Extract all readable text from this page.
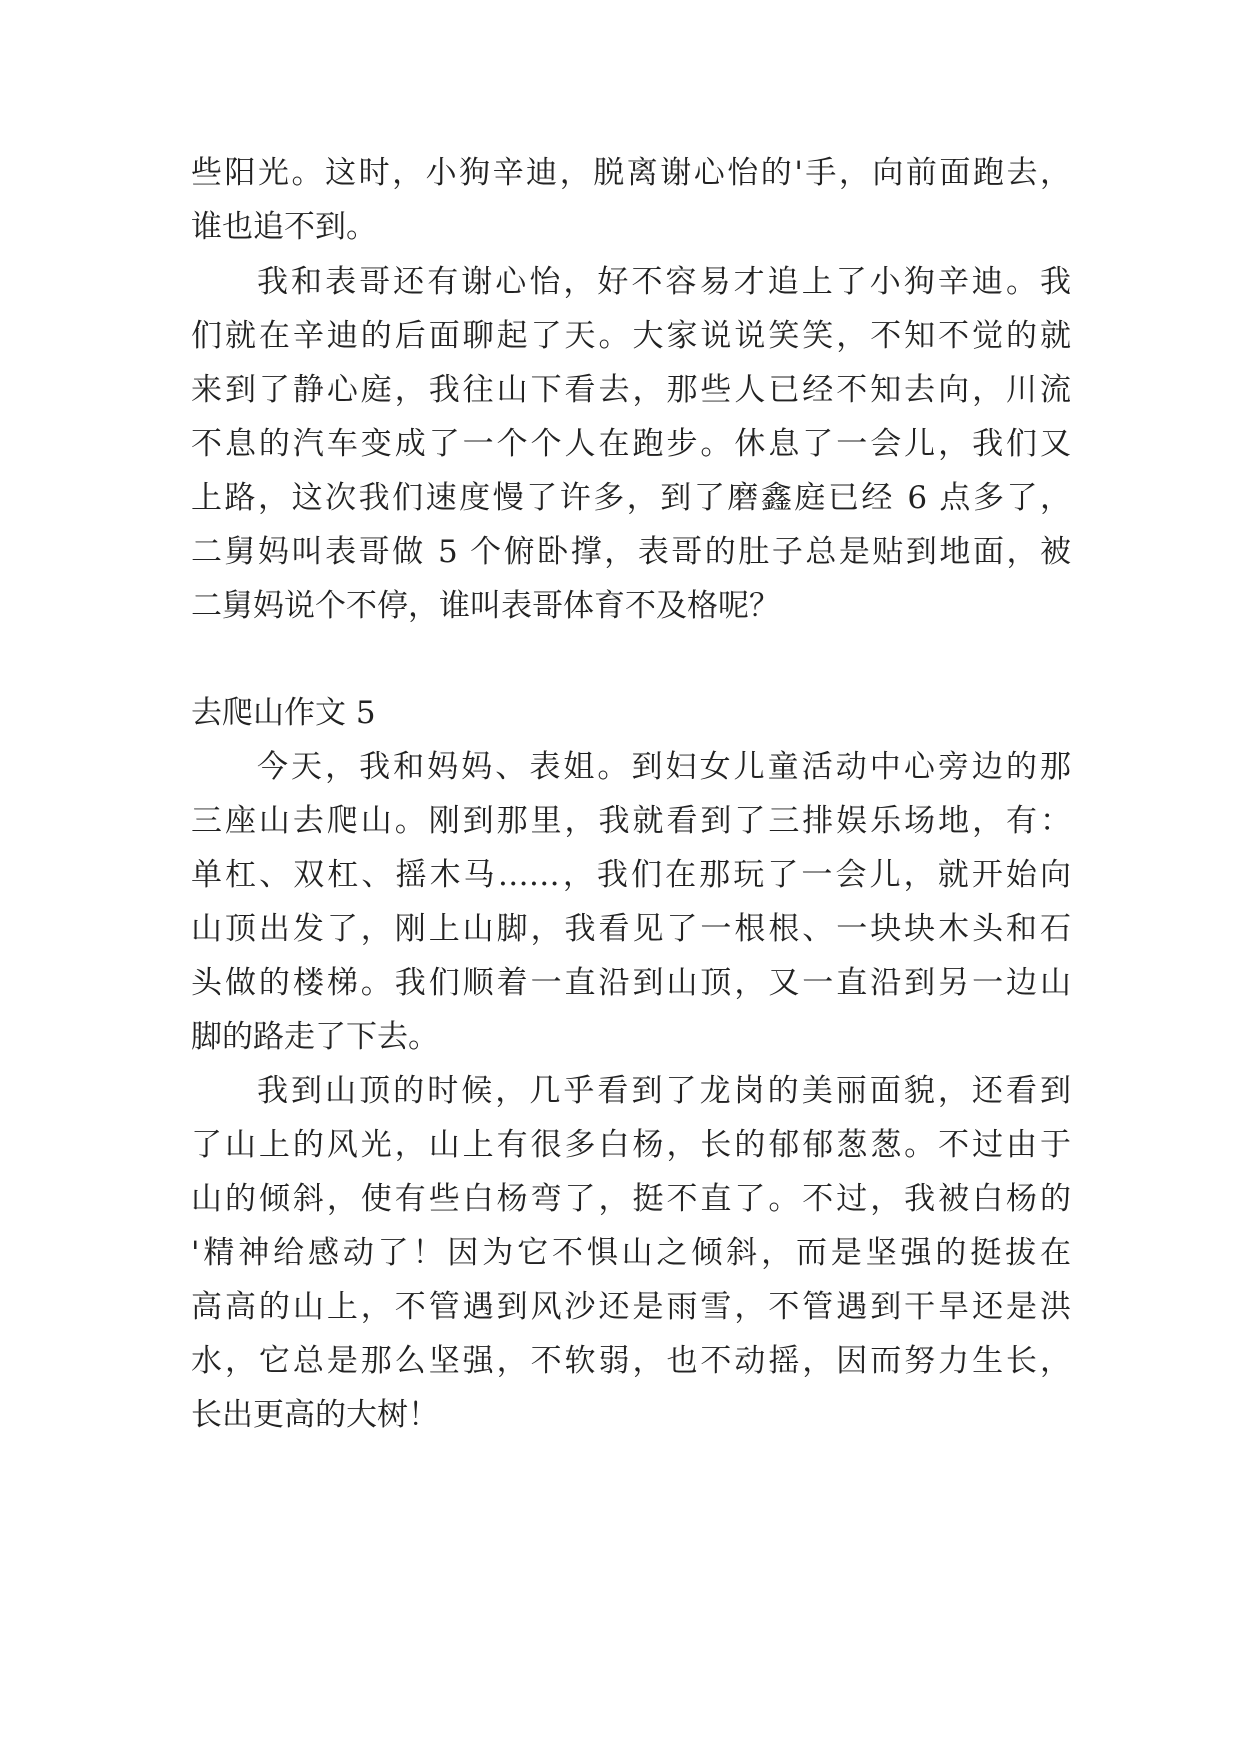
些阳光。这时，小狗辛迪，脱离谢心怡的'手，向前面跑去，
谁也追不到。
我和表哥还有谢心怡，好不容易才追上了小狗辛迪。我
们就在辛迪的后面聊起了天。大家说说笑笑，不知不觉的就
来到了静心庭，我往山下看去，那些人已经不知去向，川流
不息的汽车变成了一个个人在跑步。休息了一会儿，我们又
上路，这次我们速度慢了许多，到了磨鑫庭已经 6 点多了，
二舅妈叫表哥做 5 个俯卧撑，表哥的肚子总是贴到地面，被
二舅妈说个不停，谁叫表哥体育不及格呢？
去爬山作文 5
今天，我和妈妈、表姐。到妇女儿童活动中心旁边的那
三座山去爬山。刚到那里，我就看到了三排娱乐场地，有：
单杠、双杠、摇木马……，我们在那玩了一会儿，就开始向
山顶出发了，刚上山脚，我看见了一根根、一块块木头和石
头做的楼梯。我们顺着一直沿到山顶，又一直沿到另一边山
脚的路走了下去。
我到山顶的时候，几乎看到了龙岗的美丽面貌，还看到
了山上的风光，山上有很多白杨，长的郁郁葱葱。不过由于
山的倾斜，使有些白杨弯了，挺不直了。不过，我被白杨的
'精神给感动了！因为它不惧山之倾斜，而是坚强的挺拔在
高高的山上，不管遇到风沙还是雨雪，不管遇到干旱还是洪
水，它总是那么坚强，不软弱，也不动摇，因而努力生长，
长出更高的大树！
